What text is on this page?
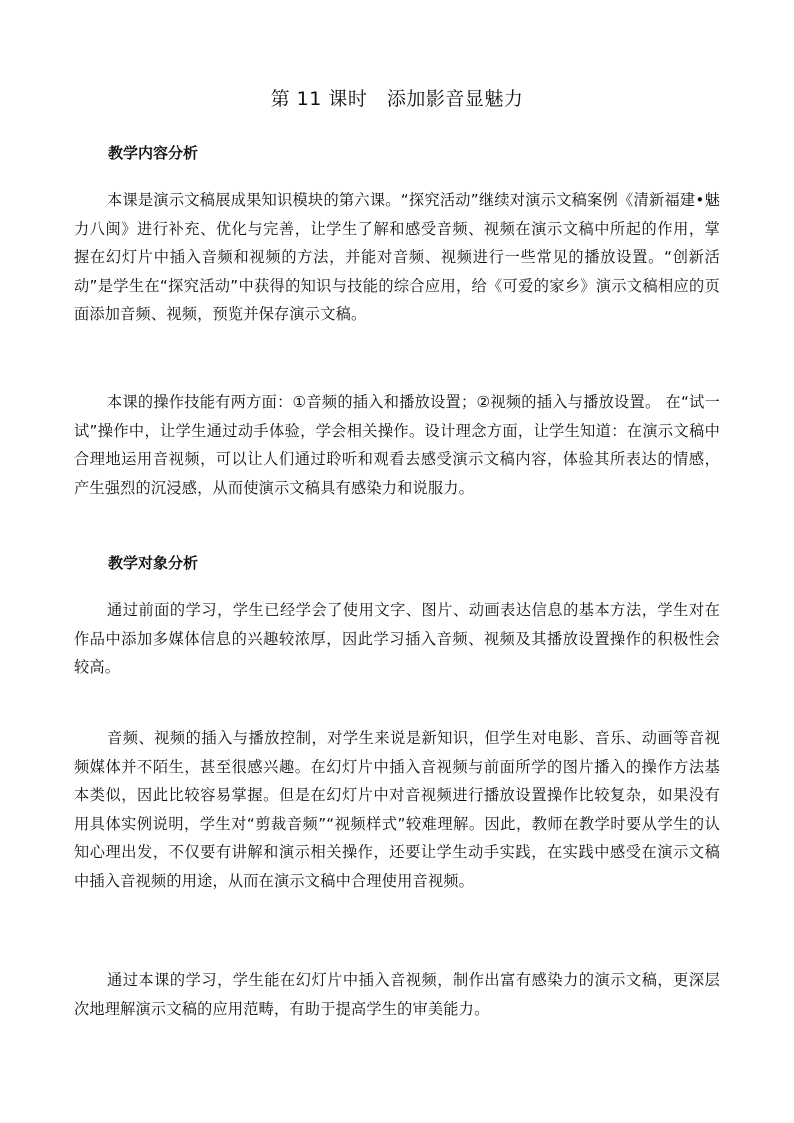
第 11 课时　添加影音显魅力
教学内容分析

本课是演示文稿展成果知识模块的第六课。“探究活动”继续对演示文稿案例《清新福建•魅力八闽》进行补充、优化与完善，让学生了解和感受音频、视频在演示文稿中所起的作用，掌握在幻灯片中插入音频和视频的方法，并能对音频、视频进行一些常见的播放设置。“创新活动”是学生在“探究活动”中获得的知识与技能的综合应用，给《可爱的家乡》演示文稿相应的页面添加音频、视频，预览并保存演示文稿。

本课的操作技能有两方面：①音频的插入和播放设置；②视频的插入与播放设置。 在“试一试”操作中，让学生通过动手体验，学会相关操作。设计理念方面，让学生知道：在演示文稿中合理地运用音视频，可以让人们通过聆听和观看去感受演示文稿内容，体验其所表达的情感，产生强烈的沉浸感，从而使演示文稿具有感染力和说服力。

教学对象分析

通过前面的学习，学生已经学会了使用文字、图片、动画表达信息的基本方法，学生对在作品中添加多媒体信息的兴趣较浓厚，因此学习插入音频、视频及其播放设置操作的积极性会较高。

音频、视频的插入与播放控制，对学生来说是新知识，但学生对电影、音乐、动画等音视频媒体并不陌生，甚至很感兴趣。在幻灯片中插入音视频与前面所学的图片播入的操作方法基本类似，因此比较容易掌握。但是在幻灯片中对音视频进行播放设置操作比较复杂，如果没有用具体实例说明，学生对“剪裁音频”“视频样式”较难理解。因此，教师在教学时要从学生的认知心理出发，不仅要有讲解和演示相关操作，还要让学生动手实践，在实践中感受在演示文稿中插入音视频的用途，从而在演示文稿中合理使用音视频。

通过本课的学习，学生能在幻灯片中插入音视频，制作出富有感染力的演示文稿，更深层次地理解演示文稿的应用范畴，有助于提高学生的审美能力。
